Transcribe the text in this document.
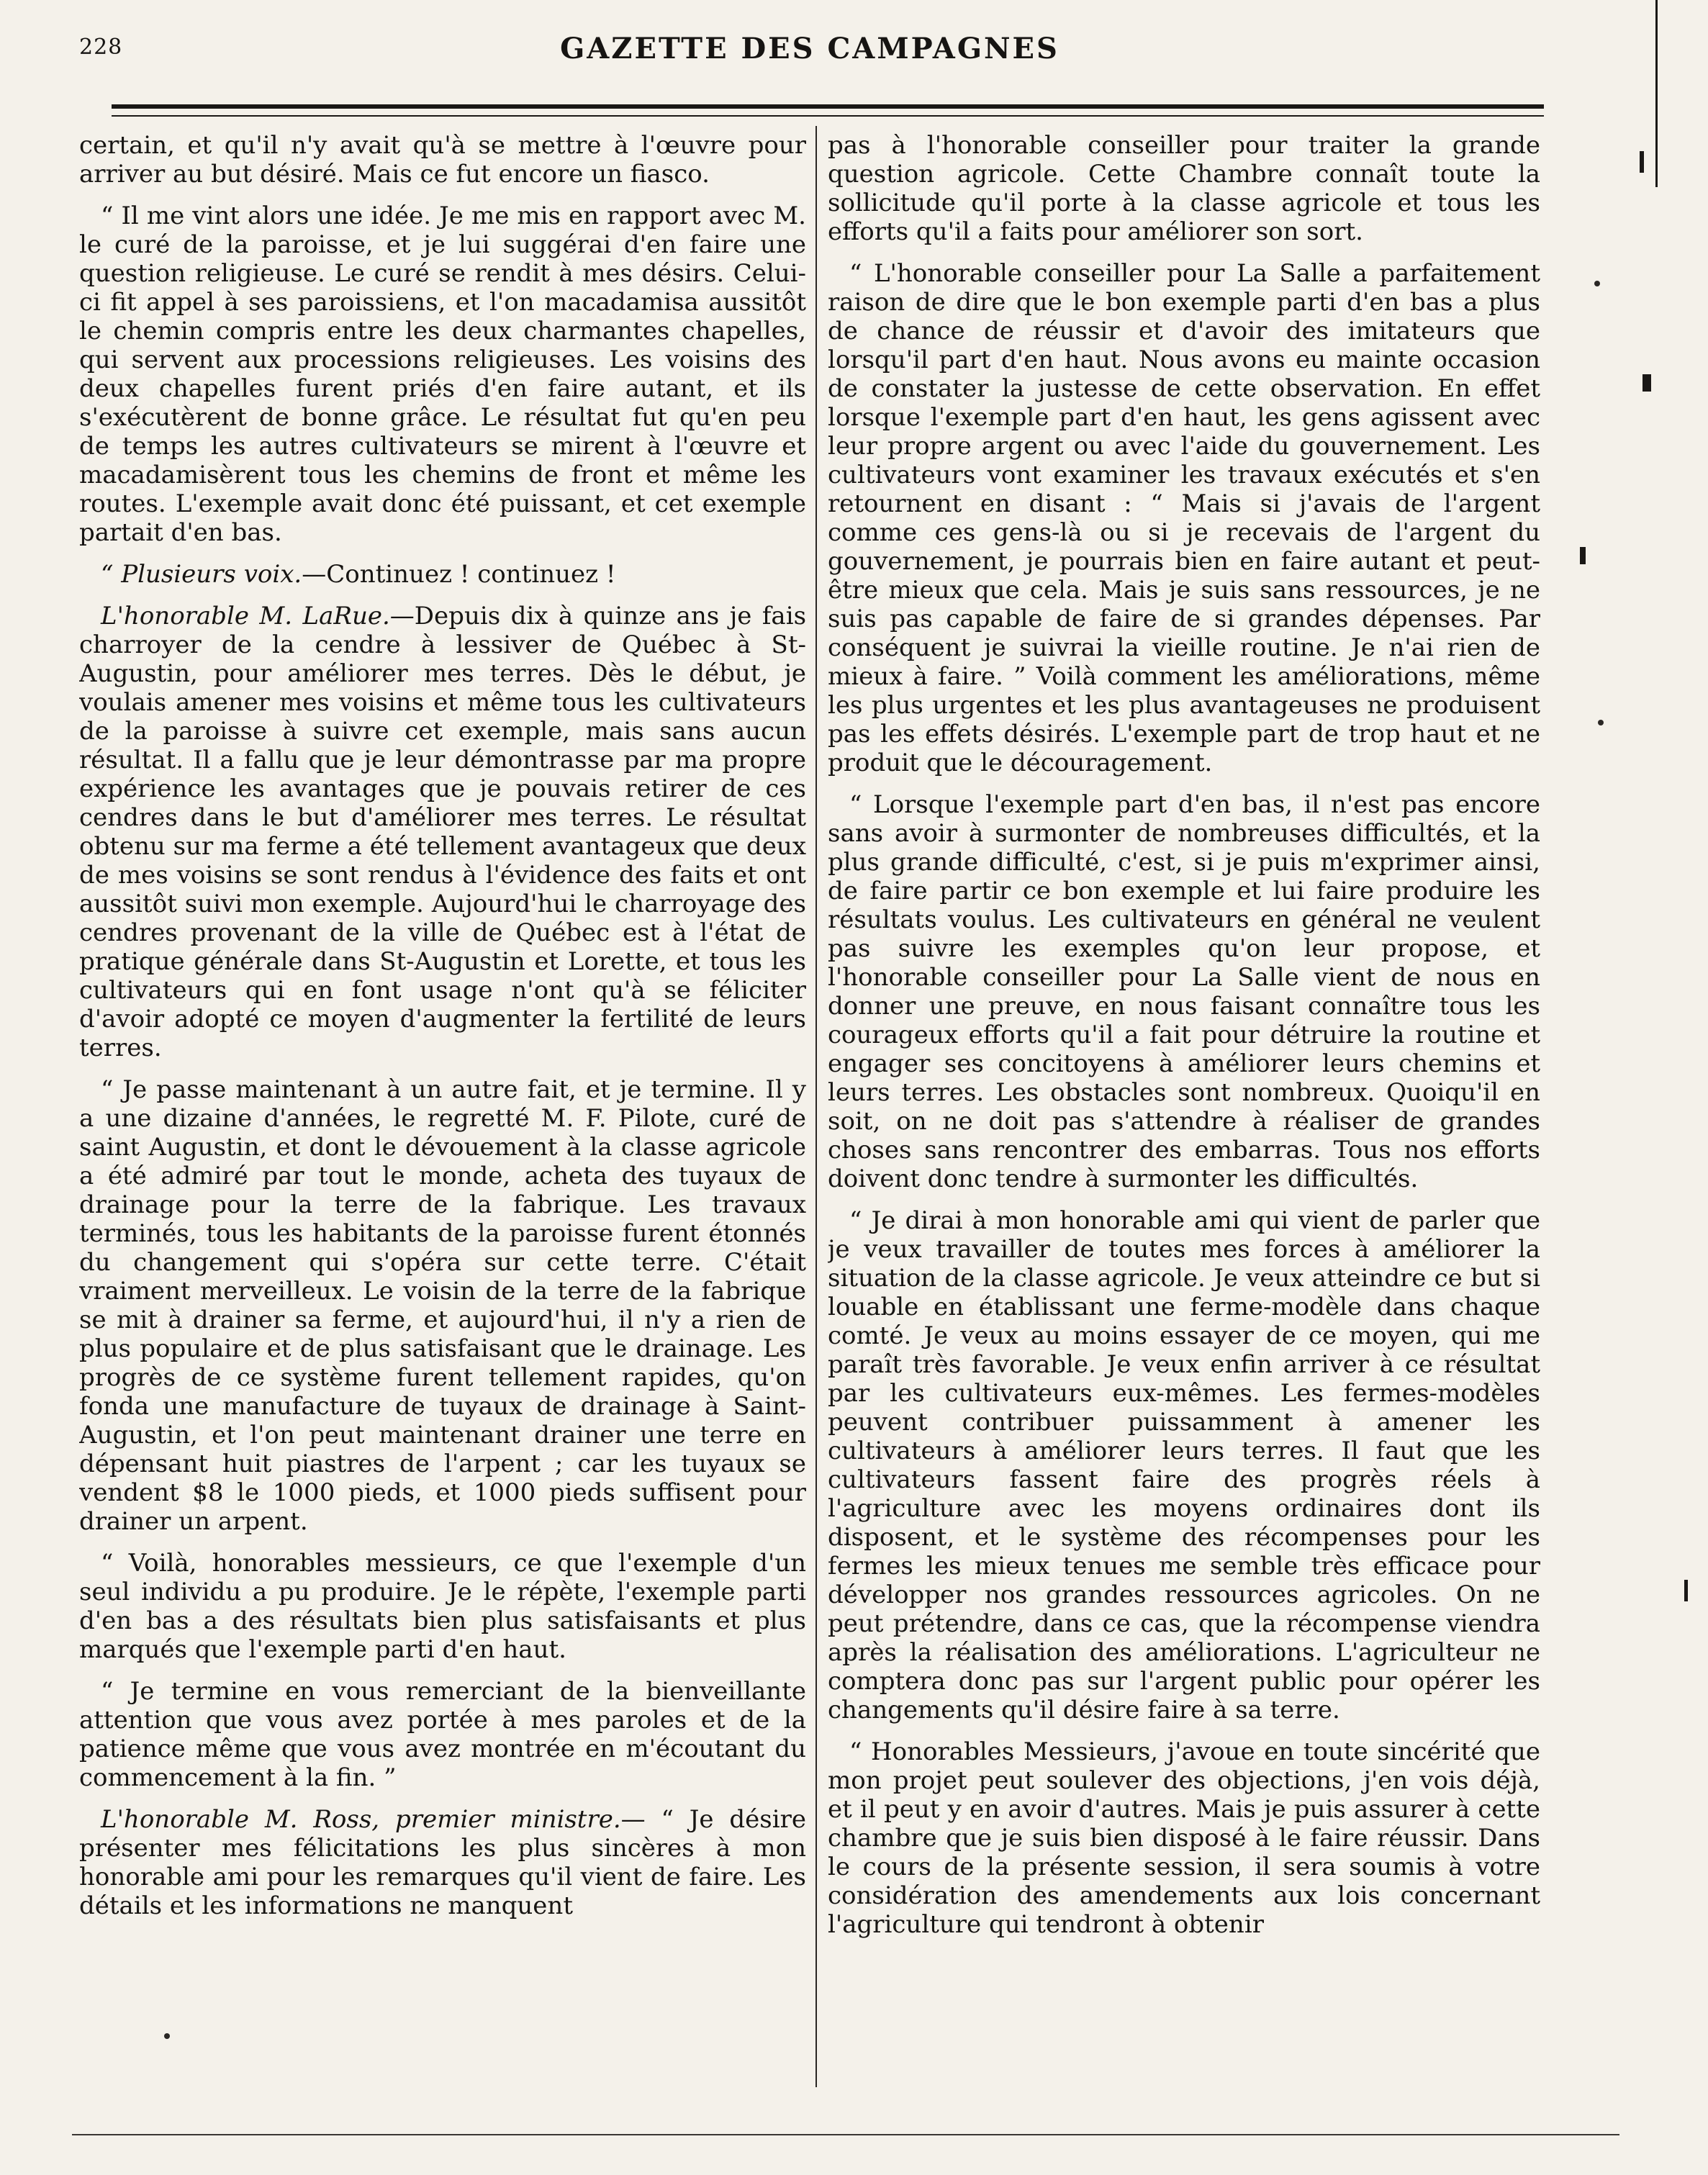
228	GAZETTE DES CAMPAGNES

certain, et qu'il n'y avait qu'à se mettre à l'œuvre pour arriver au but désiré. Mais ce fut encore un fiasco.

“ Il me vint alors une idée. Je me mis en rapport avec M. le curé de la paroisse, et je lui suggérai d'en faire une question religieuse. Le curé se rendit à mes désirs. Celui-ci fit appel à ses paroissiens, et l'on macadamisa aussitôt le chemin compris entre les deux charmantes chapelles, qui servent aux processions religieuses. Les voisins des deux chapelles furent priés d'en faire autant, et ils s'exécutèrent de bonne grâce. Le résultat fut qu'en peu de temps les autres cultivateurs se mirent à l'œuvre et macadamisèrent tous les chemins de front et même les routes. L'exemple avait donc été puissant, et cet exemple partait d'en bas.

“ Plusieurs voix.—Continuez ! continuez !

L'honorable M. LaRue.—Depuis dix à quinze ans je fais charroyer de la cendre à lessiver de Québec à St-Augustin, pour améliorer mes terres. Dès le début, je voulais amener mes voisins et même tous les cultivateurs de la paroisse à suivre cet exemple, mais sans aucun résultat. Il a fallu que je leur démontrasse par ma propre expérience les avantages que je pouvais retirer de ces cendres dans le but d'améliorer mes terres. Le résultat obtenu sur ma ferme a été tellement avantageux que deux de mes voisins se sont rendus à l'évidence des faits et ont aussitôt suivi mon exemple. Aujourd'hui le charroyage des cendres provenant de la ville de Québec est à l'état de pratique générale dans St-Augustin et Lorette, et tous les cultivateurs qui en font usage n'ont qu'à se féliciter d'avoir adopté ce moyen d'augmenter la fertilité de leurs terres.

“ Je passe maintenant à un autre fait, et je termine. Il y a une dizaine d'années, le regretté M. F. Pilote, curé de saint Augustin, et dont le dévouement à la classe agricole a été admiré par tout le monde, acheta des tuyaux de drainage pour la terre de la fabrique. Les travaux terminés, tous les habitants de la paroisse furent étonnés du changement qui s'opéra sur cette terre. C'était vraiment merveilleux. Le voisin de la terre de la fabrique se mit à drainer sa ferme, et aujourd'hui, il n'y a rien de plus populaire et de plus satisfaisant que le drainage. Les progrès de ce système furent tellement rapides, qu'on fonda une manufacture de tuyaux de drainage à Saint-Augustin, et l'on peut maintenant drainer une terre en dépensant huit piastres de l'arpent ; car les tuyaux se vendent $8 le 1000 pieds, et 1000 pieds suffisent pour drainer un arpent.

“ Voilà, honorables messieurs, ce que l'exemple d'un seul individu a pu produire. Je le répète, l'exemple parti d'en bas a des résultats bien plus satisfaisants et plus marqués que l'exemple parti d'en haut.

“ Je termine en vous remerciant de la bienveillante attention que vous avez portée à mes paroles et de la patience même que vous avez montrée en m'écoutant du commencement à la fin. ”

L'honorable M. Ross, premier ministre.— “ Je désire présenter mes félicitations les plus sincères à mon honorable ami pour les remarques qu'il vient de faire. Les détails et les informations ne manquent

pas à l'honorable conseiller pour traiter la grande question agricole. Cette Chambre connaît toute la sollicitude qu'il porte à la classe agricole et tous les efforts qu'il a faits pour améliorer son sort.

“ L'honorable conseiller pour La Salle a parfaitement raison de dire que le bon exemple parti d'en bas a plus de chance de réussir et d'avoir des imitateurs que lorsqu'il part d'en haut. Nous avons eu mainte occasion de constater la justesse de cette observation. En effet lorsque l'exemple part d'en haut, les gens agissent avec leur propre argent ou avec l'aide du gouvernement. Les cultivateurs vont examiner les travaux exécutés et s'en retournent en disant : “ Mais si j'avais de l'argent comme ces gens-là ou si je recevais de l'argent du gouvernement, je pourrais bien en faire autant et peut-être mieux que cela. Mais je suis sans ressources, je ne suis pas capable de faire de si grandes dépenses. Par conséquent je suivrai la vieille routine. Je n'ai rien de mieux à faire. ” Voilà comment les améliorations, même les plus urgentes et les plus avantageuses ne produisent pas les effets désirés. L'exemple part de trop haut et ne produit que le découragement.

“ Lorsque l'exemple part d'en bas, il n'est pas encore sans avoir à surmonter de nombreuses difficultés, et la plus grande difficulté, c'est, si je puis m'exprimer ainsi, de faire partir ce bon exemple et lui faire produire les résultats voulus. Les cultivateurs en général ne veulent pas suivre les exemples qu'on leur propose, et l'honorable conseiller pour La Salle vient de nous en donner une preuve, en nous faisant connaître tous les courageux efforts qu'il a fait pour détruire la routine et engager ses concitoyens à améliorer leurs chemins et leurs terres. Les obstacles sont nombreux. Quoiqu'il en soit, on ne doit pas s'attendre à réaliser de grandes choses sans rencontrer des embarras. Tous nos efforts doivent donc tendre à surmonter les difficultés.

“ Je dirai à mon honorable ami qui vient de parler que je veux travailler de toutes mes forces à améliorer la situation de la classe agricole. Je veux atteindre ce but si louable en établissant une ferme-modèle dans chaque comté. Je veux au moins essayer de ce moyen, qui me paraît très favorable. Je veux enfin arriver à ce résultat par les cultivateurs eux-mêmes. Les fermes-modèles peuvent contribuer puissamment à amener les cultivateurs à améliorer leurs terres. Il faut que les cultivateurs fassent faire des progrès réels à l'agriculture avec les moyens ordinaires dont ils disposent, et le système des récompenses pour les fermes les mieux tenues me semble très efficace pour développer nos grandes ressources agricoles. On ne peut prétendre, dans ce cas, que la récompense viendra après la réalisation des améliorations. L'agriculteur ne comptera donc pas sur l'argent public pour opérer les changements qu'il désire faire à sa terre.

“ Honorables Messieurs, j'avoue en toute sincérité que mon projet peut soulever des objections, j'en vois déjà, et il peut y en avoir d'autres. Mais je puis assurer à cette chambre que je suis bien disposé à le faire réussir. Dans le cours de la présente session, il sera soumis à votre considération des amendements aux lois concernant l'agriculture qui tendront à obtenir
